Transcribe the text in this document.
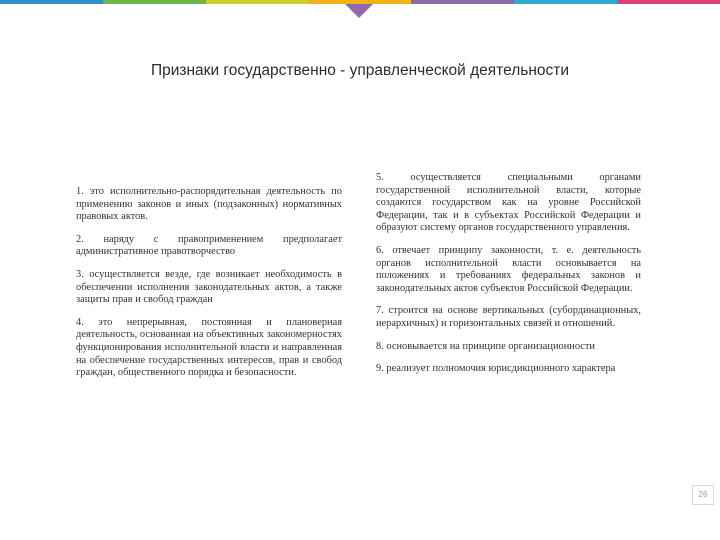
Признаки государственно - управленческой деятельности

1. это исполнительно-распорядительная деятельность по применению законов и иных (подзаконных) нормативных правовых актов.

2. наряду с правоприменением предполагает административное правотворчество

3. осуществляется везде, где возникает необходимость в обеспечении исполнения законодательных актов, а также защиты прав и свобод граждан

4. это непрерывная, постоянная и плановерная деятельность, основанная на объективных закономерностях функционирования исполнительной власти и направленная на обеспечение государственных интересов, прав и свобод граждан, общественного порядка и безопасности.

5. осуществляется специальными органами государственной исполнительной власти, которые создаются государством как на уровне Российской Федерации, так и в субъектах Российской Федерации и образуют систему органов государственного управления.

6. отвечает принципу законности, т. е. деятельность органов исполнительной власти основывается на положениях и требованиях федеральных законов и законодательных актов субъектов Российской Федерации.

7. строится на основе вертикальных (субординационных, иерархичных) и горизонтальных связей и отношений.

8. основывается на принципе организационности

9. реализует полномочия юрисдикционного характера

26
